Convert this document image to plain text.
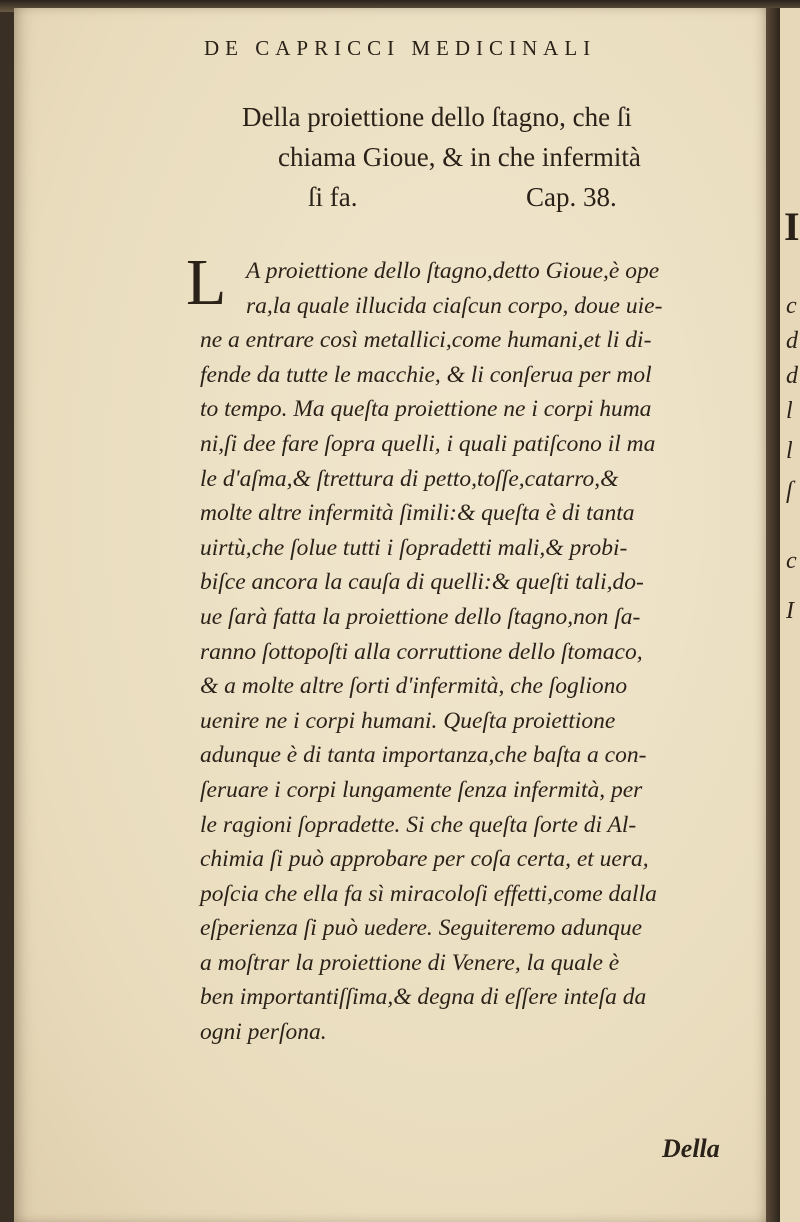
DE CAPRICCI MEDICINALI
Della proiettione dello ſtagno, che ſi
chiama Gioue, & in che infermità
ſi fa.	Cap. 38.
L A proiettione dello ſtagno,detto Gioue,è ope
ra,la quale illucida ciaſcun corpo, doue uie-
ne a entrare così metallici,come humani,et li di-
fende da tutte le macchie, & li conſerua per mol
to tempo. Ma queſta proiettione ne i corpi huma
ni,ſi dee fare ſopra quelli, i quali patiſcono il ma
le d'aſma,& ſtrettura di petto,toſſe,catarro,&
molte altre infermità ſimili:& queſta è di tanta
uirtù,che ſolue tutti i ſopradetti mali,& probi-
biſce ancora la cauſa di quelli:& queſti tali,do-
ue ſarà fatta la proiettione dello ſtagno,non ſa-
ranno ſottopoſti alla corruttione dello ſtomaco,
& a molte altre ſorti d'infermità, che ſogliono
uenire ne i corpi humani. Queſta proiettione
adunque è di tanta importanza,che baſta a con-
ſeruare i corpi lungamente ſenza infermità, per
le ragioni ſopradette. Si che queſta ſorte di Al-
chimia ſi può approbare per coſa certa, et uera,
poſcia che ella fa sì miracoloſi effetti,come dalla
eſperienza ſi può uedere. Seguiteremo adunque
a moſtrar la proiettione di Venere, la quale è
ben importantiſſima,& degna di eſſere inteſa da
ogni perſona.
Della
I
c
d
d
l
l
ſ
c
I
